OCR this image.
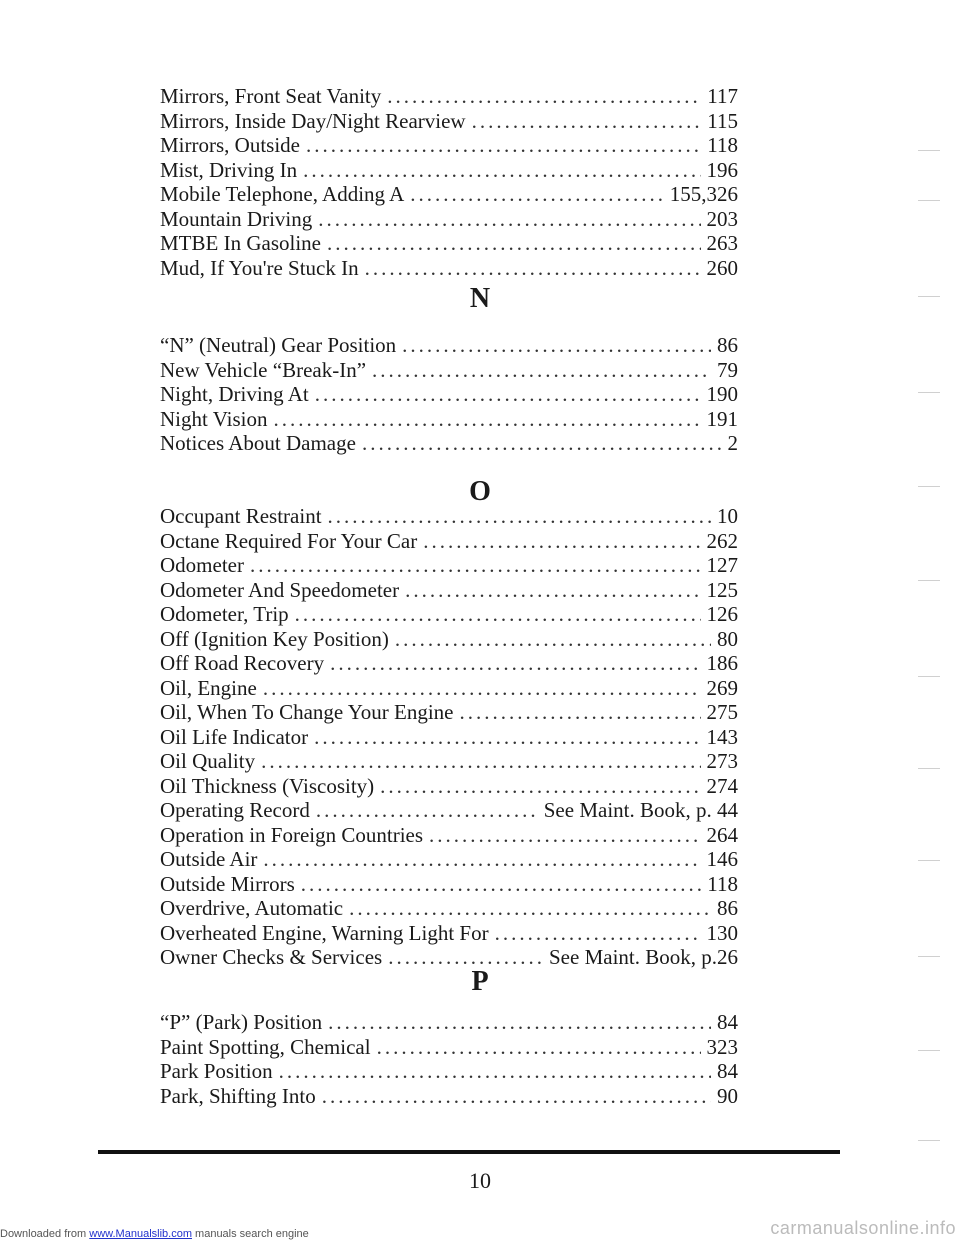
Mirrors, Front Seat Vanity .....	117
Mirrors, Inside Day/Night Rearview .....	115
Mirrors, Outside .....	118
Mist, Driving In .....	196
Mobile Telephone, Adding A .....	155,326
Mountain Driving .....	203
MTBE In Gasoline .....	263
Mud, If You're Stuck In .....	260
N
“N” (Neutral) Gear Position .....	86
New Vehicle “Break-In” .....	79
Night, Driving At .....	190
Night Vision .....	191
Notices About Damage .....	2
O
Occupant Restraint .....	10
Octane Required For Your Car .....	262
Odometer .....	127
Odometer And Speedometer .....	125
Odometer, Trip .....	126
Off (Ignition Key Position) .....	80
Off Road Recovery .....	186
Oil, Engine .....	269
Oil, When To Change Your Engine .....	275
Oil Life Indicator .....	143
Oil Quality .....	273
Oil Thickness (Viscosity) .....	274
Operating Record .....	See Maint. Book, p. 44
Operation in Foreign Countries .....	264
Outside Air .....	146
Outside Mirrors .....	118
Overdrive, Automatic .....	86
Overheated Engine, Warning Light For .....	130
Owner Checks & Services .....	See Maint. Book, p.26
P
“P” (Park) Position .....	84
Paint Spotting, Chemical .....	323
Park Position .....	84
Park, Shifting Into .....	90
10
Downloaded from www.Manualslib.com manuals search engine	carmanualsonline.info
